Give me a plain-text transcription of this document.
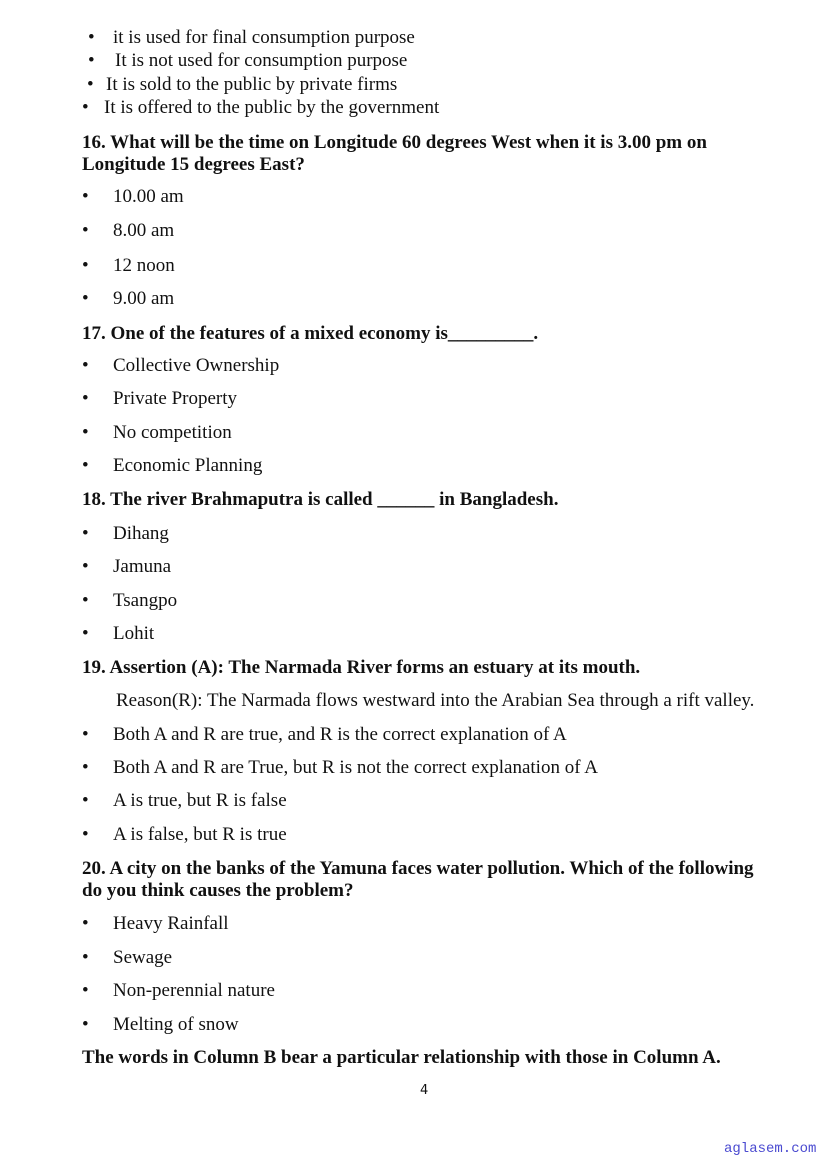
• it is used for final consumption purpose
• It is not used for consumption purpose
• It is sold to the public by private firms
• It is offered to the public by the government
16. What will be the time on Longitude 60 degrees West when it is 3.00 pm on
Longitude 15 degrees East?
• 10.00 am
• 8.00 am
• 12 noon
• 9.00 am
17. One of the features of a mixed economy is_________.
• Collective Ownership
• Private Property
• No competition
• Economic Planning
18. The river Brahmaputra is called ______ in Bangladesh.
• Dihang
• Jamuna
• Tsangpo
• Lohit
19. Assertion (A): The Narmada River forms an estuary at its mouth.
Reason(R): The Narmada flows westward into the Arabian Sea through a rift valley.
• Both A and R are true, and R is the correct explanation of A
• Both A and R are True, but R is not the correct explanation of A
• A is true, but R is false
• A is false, but R is true
20. A city on the banks of the Yamuna faces water pollution. Which of the following
do you think causes the problem?
• Heavy Rainfall
• Sewage
• Non-perennial nature
• Melting of snow
The words in Column B bear a particular relationship with those in Column A.
4
aglasem.com
